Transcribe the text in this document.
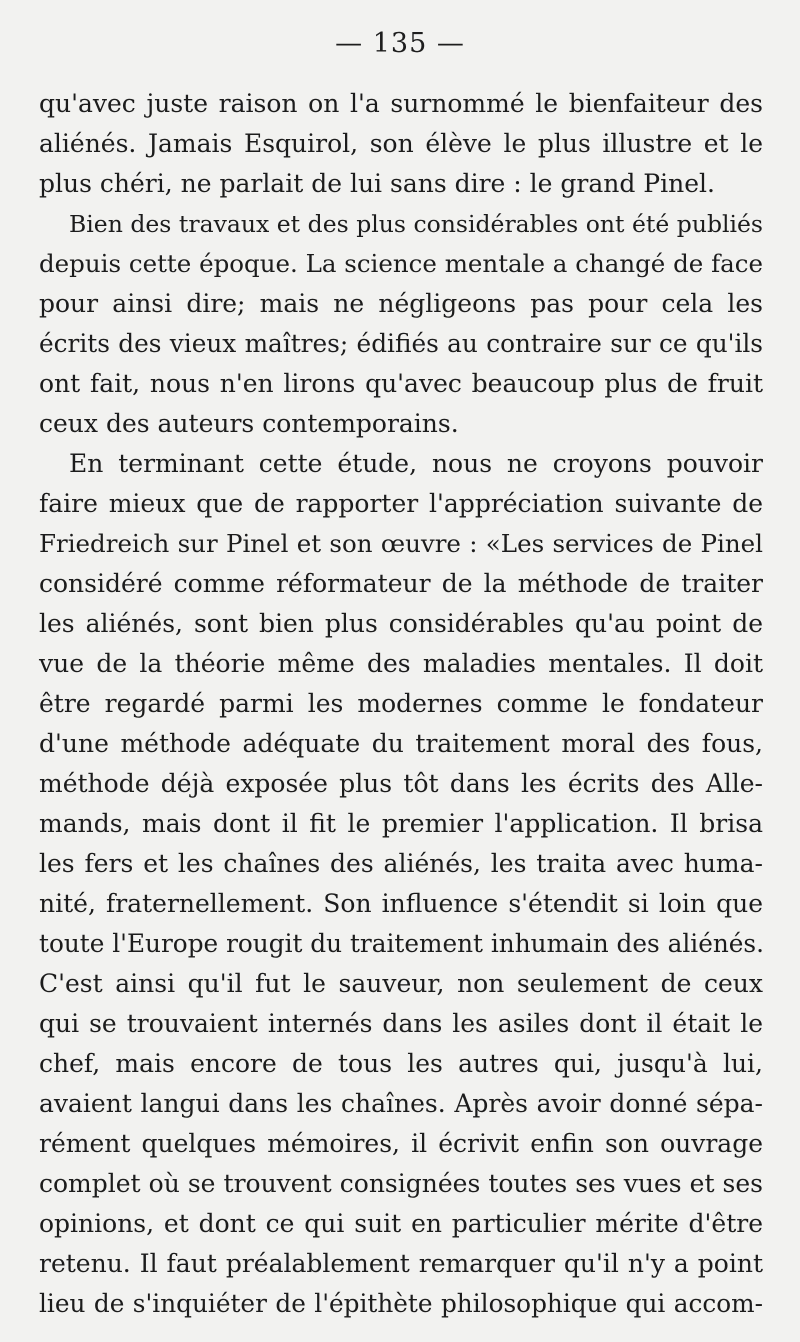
— 135 —
qu'avec juste raison on l'a surnommé le bienfaiteur des
aliénés. Jamais Esquirol, son élève le plus illustre et le
plus chéri, ne parlait de lui sans dire : le grand Pinel.
Bien des travaux et des plus considérables ont été publiés
depuis cette époque. La science mentale a changé de face
pour ainsi dire; mais ne négligeons pas pour cela les
écrits des vieux maîtres; édifiés au contraire sur ce qu'ils
ont fait, nous n'en lirons qu'avec beaucoup plus de fruit
ceux des auteurs contemporains.
En terminant cette étude, nous ne croyons pouvoir
faire mieux que de rapporter l'appréciation suivante de
Friedreich sur Pinel et son œuvre : «Les services de Pinel
considéré comme réformateur de la méthode de traiter
les aliénés, sont bien plus considérables qu'au point de
vue de la théorie même des maladies mentales. Il doit
être regardé parmi les modernes comme le fondateur
d'une méthode adéquate du traitement moral des fous,
méthode déjà exposée plus tôt dans les écrits des Alle-
mands, mais dont il fit le premier l'application. Il brisa
les fers et les chaînes des aliénés, les traita avec huma-
nité, fraternellement. Son influence s'étendit si loin que
toute l'Europe rougit du traitement inhumain des aliénés.
C'est ainsi qu'il fut le sauveur, non seulement de ceux
qui se trouvaient internés dans les asiles dont il était le
chef, mais encore de tous les autres qui, jusqu'à lui,
avaient langui dans les chaînes. Après avoir donné sépa-
rément quelques mémoires, il écrivit enfin son ouvrage
complet où se trouvent consignées toutes ses vues et ses
opinions, et dont ce qui suit en particulier mérite d'être
retenu. Il faut préalablement remarquer qu'il n'y a point
lieu de s'inquiéter de l'épithète philosophique qui accom-
